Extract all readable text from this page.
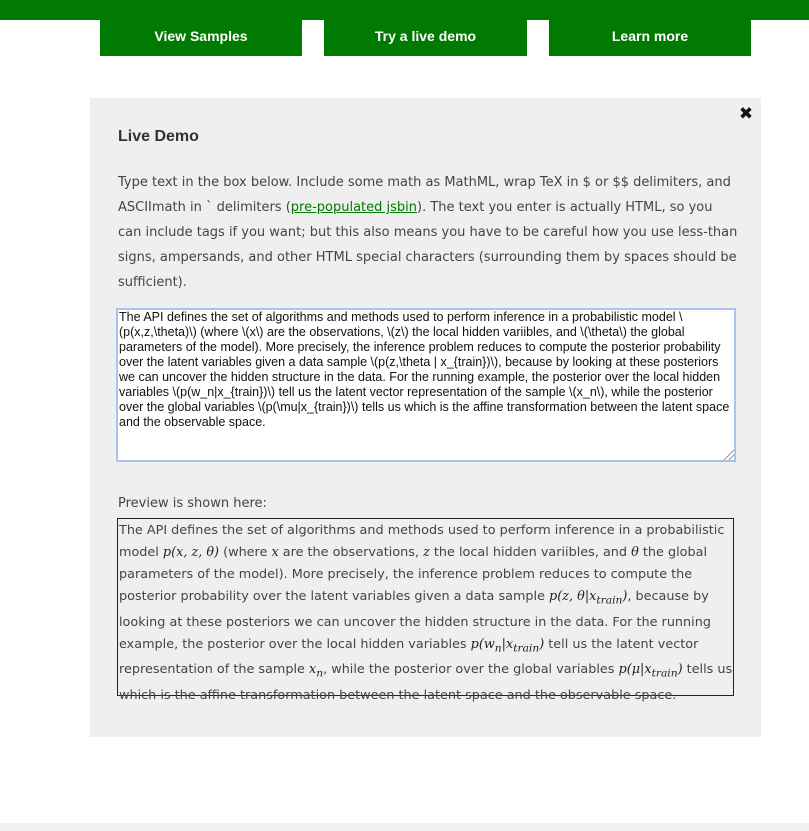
View Samples	Try a live demo	Learn more
✖
Live Demo
Type text in the box below. Include some math as MathML, wrap TeX in $ or $$ delimiters, and ASCIImath in ` delimiters (pre-populated jsbin). The text you enter is actually HTML, so you can include tags if you want; but this also means you have to be careful how you use less-than signs, ampersands, and other HTML special characters (surrounding them by spaces should be sufficient).
The API defines the set of algorithms and methods used to perform inference in a probabilistic model \(p(x,z,\theta)\) (where \(x\) are the observations, \(z\) the local hidden variibles, and \(\theta\) the global parameters of the model). More precisely, the inference problem reduces to compute the posterior probability over the latent variables given a data sample \(p(z,\theta | x_{train})\), because by looking at these posteriors we can uncover the hidden structure in the data. For the running example, the posterior over the local hidden variables \(p(w_n|x_{train})\) tell us the latent vector representation of the sample \(x_n\), while the posterior over the global variables \(p(\mu|x_{train})\) tells us which is the affine transformation between the latent space and the observable space.
Preview is shown here:
The API defines the set of algorithms and methods used to perform inference in a probabilistic model p(x, z, θ) (where x are the observations, z the local hidden variibles, and θ the global parameters of the model). More precisely, the inference problem reduces to compute the posterior probability over the latent variables given a data sample p(z, $\theta|x_{train}$), because by looking at these posteriors we can uncover the hidden structure in the data. For the running example, the posterior over the local hidden variables $p(w_n|x_{train})$ tell us the latent vector representation of the sample $x_n$, while the posterior over the global variables $p(\mu|x_{train})$ tells us which is the affine transformation between the latent space and the observable space.
